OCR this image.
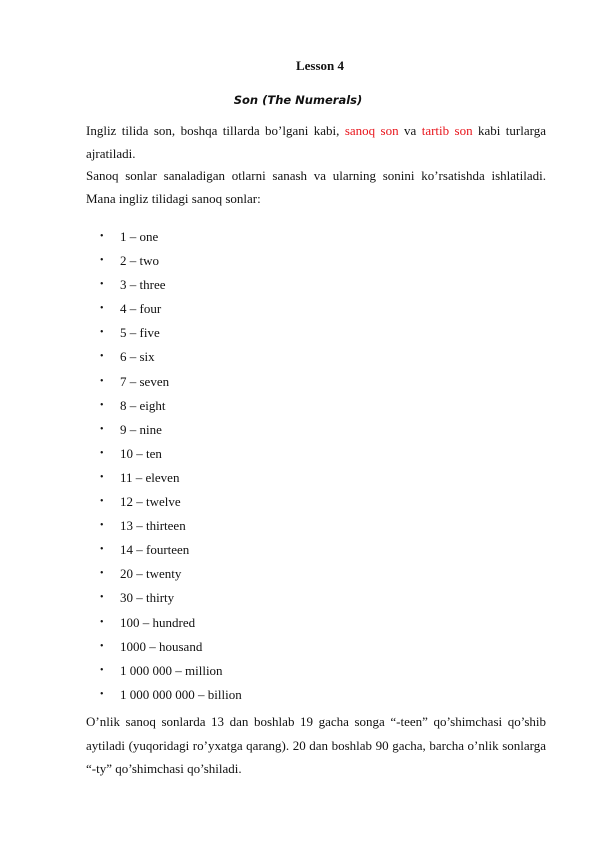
Lesson 4
Son (The Numerals)

Ingliz tilida son, boshqa tillarda bo’lgani kabi, sanoq son va tartib son kabi turlarga ajratiladi.

Sanoq sonlar sanaladigan otlarni sanash va ularning sonini ko’rsatishda ishlatiladi. Mana ingliz tilidagi sanoq sonlar:

• 1 – one
• 2 – two
• 3 – three
• 4 – four
• 5 – five
• 6 – six
• 7 – seven
• 8 – eight
• 9 – nine
• 10 – ten
• 11 – eleven
• 12 – twelve
• 13 – thirteen
• 14 – fourteen
• 20 – twenty
• 30 – thirty
• 100 – hundred
• 1000 – housand
• 1 000 000 – million
• 1 000 000 000 – billion

O’nlik sanoq sonlarda 13 dan boshlab 19 gacha songa “-teen” qo’shimchasi qo’shib aytiladi (yuqoridagi ro’yxatga qarang). 20 dan boshlab 90 gacha, barcha o’nlik sonlarga “-ty” qo’shimchasi qo’shiladi.
